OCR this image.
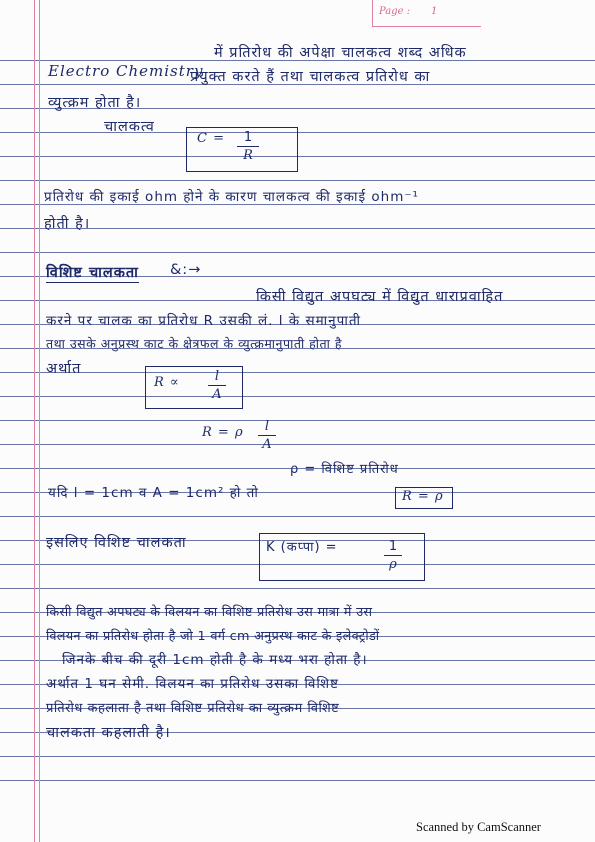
Page : 1
Electro Chemistry
में प्रतिरोध की अपेक्षा चालकत्व शब्द अधिक
प्रयुक्त करते हैं तथा चालकत्व प्रतिरोध का
व्युत्क्रम होता है।
चालकत्व
C =	1
R
प्रतिरोध की इकाई ohm होने के कारण चालकत्व की इकाई ohm⁻¹
होती है।
विशिष्ट चालकता &:→
किसी विद्युत अपघट्य में विद्युत धाराप्रवाहित
करने पर चालक का प्रतिरोध R उसकी लं. l के समानुपाती
तथा उसके अनुप्रस्थ काट के क्षेत्रफल के व्युत्क्रमानुपाती होता है
अर्थात
R ∝	l
A
R = ρ	l
A
ρ = विशिष्ट प्रतिरोध
यदि l = 1cm व A = 1cm² हो तो	R = ρ
इसलिए विशिष्ट चालकता	K (कप्पा) =	1
ρ
किसी विद्युत अपघट्य के विलयन का विशिष्ट प्रतिरोध उस मात्रा में उस
विलयन का प्रतिरोध होता है जो 1 वर्ग cm अनुप्रस्थ काट के इलेक्ट्रोडों
जिनके बीच की दूरी 1cm होती है के मध्य भरा होता है।
अर्थात 1 घन सेमी. विलयन का प्रतिरोध उसका विशिष्ट
प्रतिरोध कहलाता है तथा विशिष्ट प्रतिरोध का व्युत्क्रम विशिष्ट
चालकता कहलाती है।
Scanned by CamScanner
